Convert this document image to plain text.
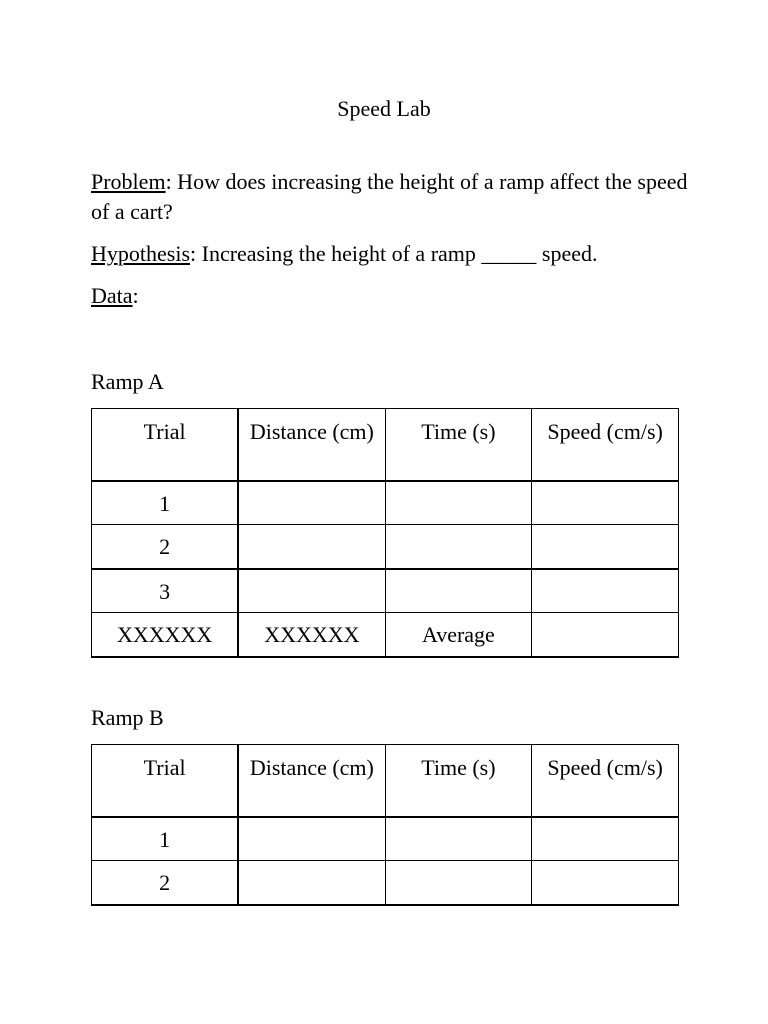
Speed Lab
Problem: How does increasing the height of a ramp affect the speed of a cart?
Hypothesis: Increasing the height of a ramp _____ speed.
Data:
Ramp A
Trial	Distance (cm)	Time (s)	Speed (cm/s)
1			
2			
3			
XXXXXX	XXXXXX	Average	
Ramp B
Trial	Distance (cm)	Time (s)	Speed (cm/s)
1			
2			
